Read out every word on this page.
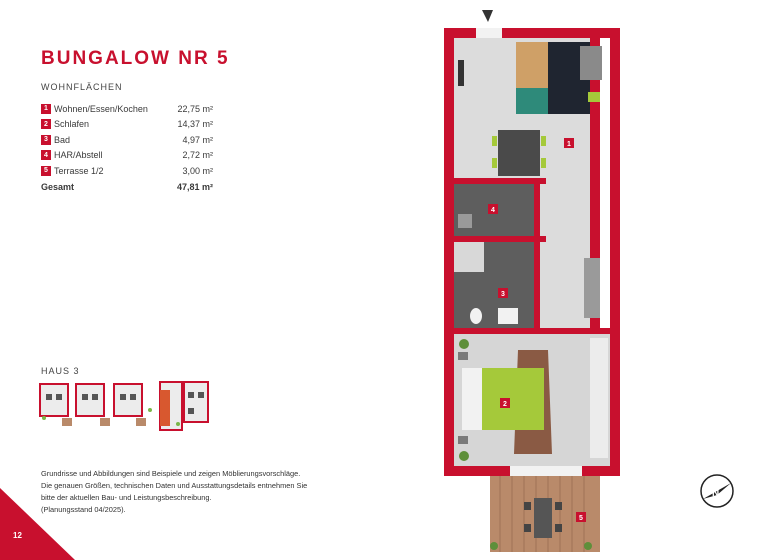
BUNGALOW NR 5
WOHNFLÄCHEN
1 Wohnen/Essen/Kochen	22,75 m²
2 Schlafen	14,37 m²
3 Bad	4,97 m²
4 HAR/Abstell	2,72 m²
5 Terrasse 1/2	3,00 m²
Gesamt	47,81 m²
HAUS 3
Grundrisse und Abbildungen sind Beispiele und zeigen Möblierungsvorschläge.
Die genauen Größen, technischen Daten und Ausstattungsdetails entnehmen Sie
bitte der aktuellen Bau- und Leistungsbeschreibung.
(Planungsstand 04/2025).
12
1
4
3
2
5
N
